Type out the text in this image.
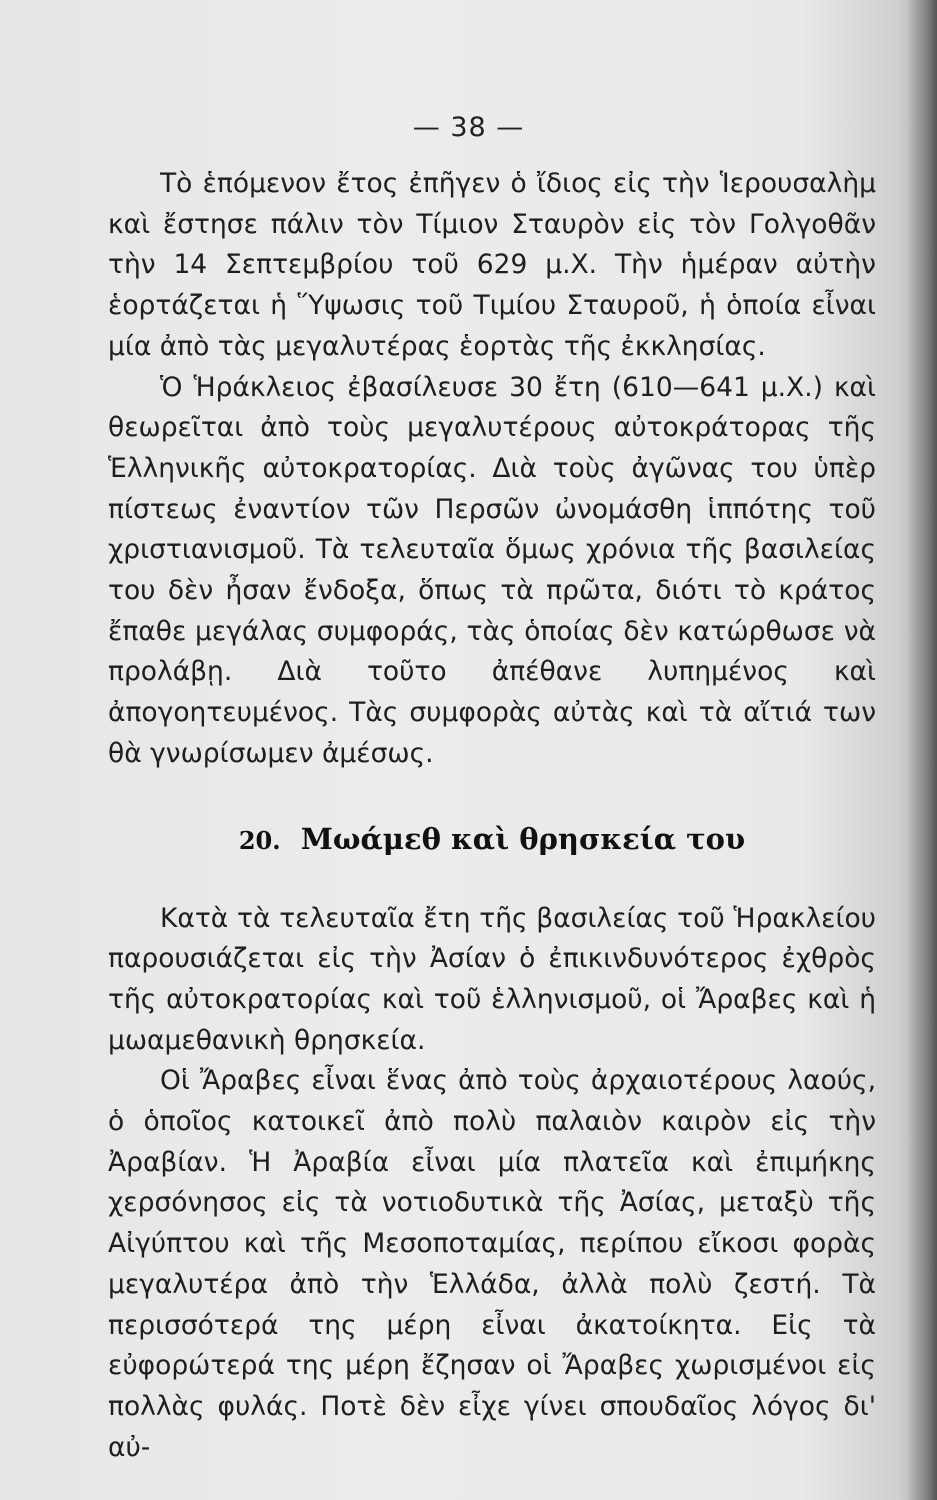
— 38 —

Τὸ ἑπόμενον ἔτος ἐπῆγεν ὁ ἴδιος εἰς τὴν Ἱερουσαλὴμ καὶ ἔστησε πάλιν τὸν Τίμιον Σταυρὸν εἰς τὸν Γολγοθᾶν τὴν 14 Σεπτεμβρίου τοῦ 629 μ.Χ. Τὴν ἡμέραν αὐτὴν ἑορτάζεται ἡ Ὕψωσις τοῦ Τιμίου Σταυροῦ, ἡ ὁποία εἶναι μία ἀπὸ τὰς μεγαλυτέρας ἑορτὰς τῆς ἐκκλησίας.

Ὁ Ἡράκλειος ἐβασίλευσε 30 ἔτη (610—641 μ.Χ.) καὶ θεωρεῖται ἀπὸ τοὺς μεγαλυτέρους αὐτοκράτορας τῆς Ἑλληνικῆς αὐτοκρατορίας. Διὰ τοὺς ἀγῶνας του ὑπὲρ πίστεως ἐναντίον τῶν Περσῶν ὠνομάσθη ἱππότης τοῦ χριστιανισμοῦ. Τὰ τελευταῖα ὅμως χρόνια τῆς βασιλείας του δὲν ἦσαν ἔνδοξα, ὅπως τὰ πρῶτα, διότι τὸ κράτος ἔπαθε μεγάλας συμφοράς, τὰς ὁποίας δὲν κατώρθωσε νὰ προλάβῃ. Διὰ τοῦτο ἀπέθανε λυπημένος καὶ ἀπογοητευμένος. Τὰς συμφορὰς αὐτὰς καὶ τὰ αἴτιά των θὰ γνωρίσωμεν ἀμέσως.

20. Μωάμεθ καὶ θρησκεία του

Κατὰ τὰ τελευταῖα ἔτη τῆς βασιλείας τοῦ Ἡρακλείου παρουσιάζεται εἰς τὴν Ἀσίαν ὁ ἐπικινδυνότερος ἐχθρὸς τῆς αὐτοκρατορίας καὶ τοῦ ἑλληνισμοῦ, οἱ Ἄραβες καὶ ἡ μωαμεθανικὴ θρησκεία.

Οἱ Ἄραβες εἶναι ἕνας ἀπὸ τοὺς ἀρχαιοτέρους λαούς, ὁ ὁποῖος κατοικεῖ ἀπὸ πολὺ παλαιὸν καιρὸν εἰς τὴν Ἀραβίαν. Ἡ Ἀραβία εἶναι μία πλατεῖα καὶ ἐπιμήκης χερσόνησος εἰς τὰ νοτιοδυτικὰ τῆς Ἀσίας, μεταξὺ τῆς Αἰγύπτου καὶ τῆς Μεσοποταμίας, περίπου εἴκοσι φορὰς μεγαλυτέρα ἀπὸ τὴν Ἑλλάδα, ἀλλὰ πολὺ ζεστή. Τὰ περισσότερά της μέρη εἶναι ἀκατοίκητα. Εἰς τὰ εὐφορώτερά της μέρη ἔζησαν οἱ Ἄραβες χωρισμένοι εἰς πολλὰς φυλάς. Ποτὲ δὲν εἶχε γίνει σπουδαῖος λόγος δι' αὐ-
